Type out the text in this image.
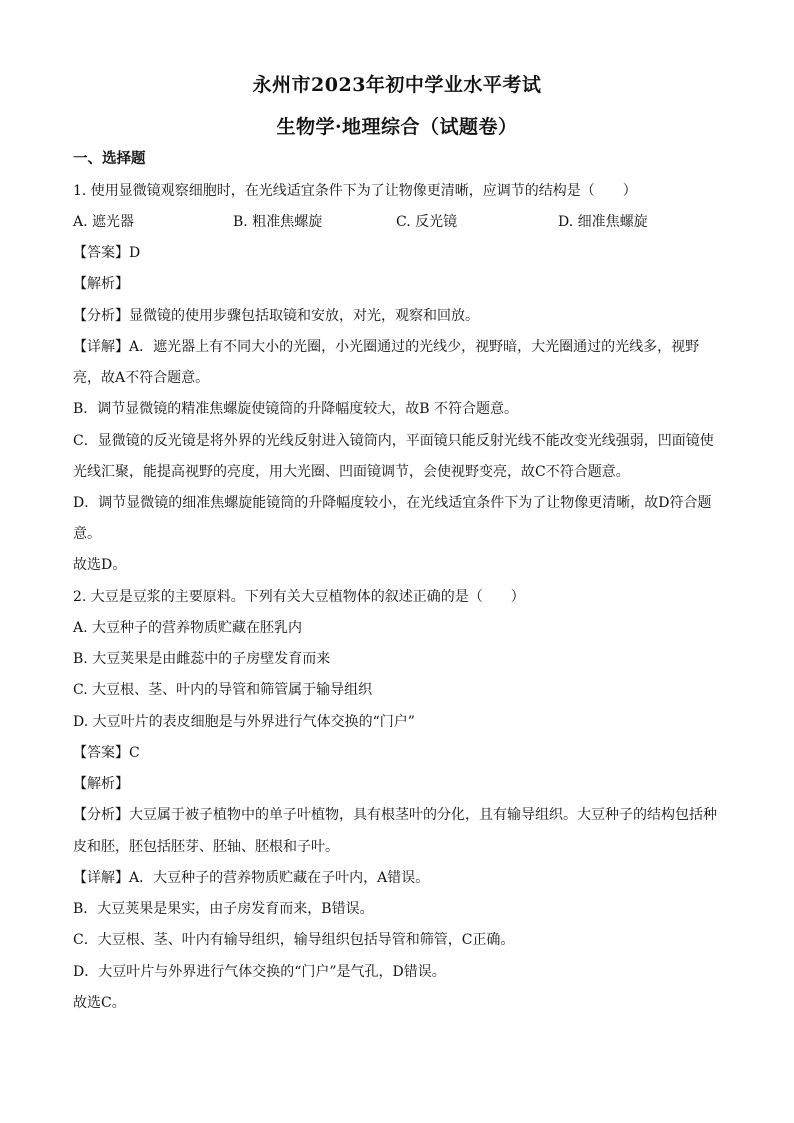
永州市2023年初中学业水平考试
生物学·地理综合（试题卷）
一、选择题
1. 使用显微镜观察细胞时，在光线适宜条件下为了让物像更清晰，应调节的结构是（　　）
A. 遮光器	B. 粗准焦螺旋	C. 反光镜	D. 细准焦螺旋
【答案】D
【解析】
【分析】显微镜的使用步骤包括取镜和安放，对光，观察和回放。
【详解】A．遮光器上有不同大小的光圈，小光圈通过的光线少，视野暗，大光圈通过的光线多，视野
亮，故A不符合题意。
B．调节显微镜的精准焦螺旋使镜筒的升降幅度较大，故B 不符合题意。
C．显微镜的反光镜是将外界的光线反射进入镜筒内，平面镜只能反射光线不能改变光线强弱，凹面镜使
光线汇聚，能提高视野的亮度，用大光圈、凹面镜调节，会使视野变亮，故C不符合题意。
D．调节显微镜的细准焦螺旋能镜筒的升降幅度较小，在光线适宜条件下为了让物像更清晰，故D符合题
意。
故选D。
2. 大豆是豆浆的主要原料。下列有关大豆植物体的叙述正确的是（　　）
A. 大豆种子的营养物质贮藏在胚乳内
B. 大豆荚果是由雌蕊中的子房壁发育而来
C. 大豆根、茎、叶内的导管和筛管属于输导组织
D. 大豆叶片的表皮细胞是与外界进行气体交换的“门户”
【答案】C
【解析】
【分析】大豆属于被子植物中的单子叶植物，具有根茎叶的分化，且有输导组织。大豆种子的结构包括种
皮和胚，胚包括胚芽、胚轴、胚根和子叶。
【详解】A．大豆种子的营养物质贮藏在子叶内，A错误。
B．大豆荚果是果实，由子房发育而来，B错误。
C．大豆根、茎、叶内有输导组织，输导组织包括导管和筛管，C正确。
D．大豆叶片与外界进行气体交换的“门户”是气孔，D错误。
故选C。
